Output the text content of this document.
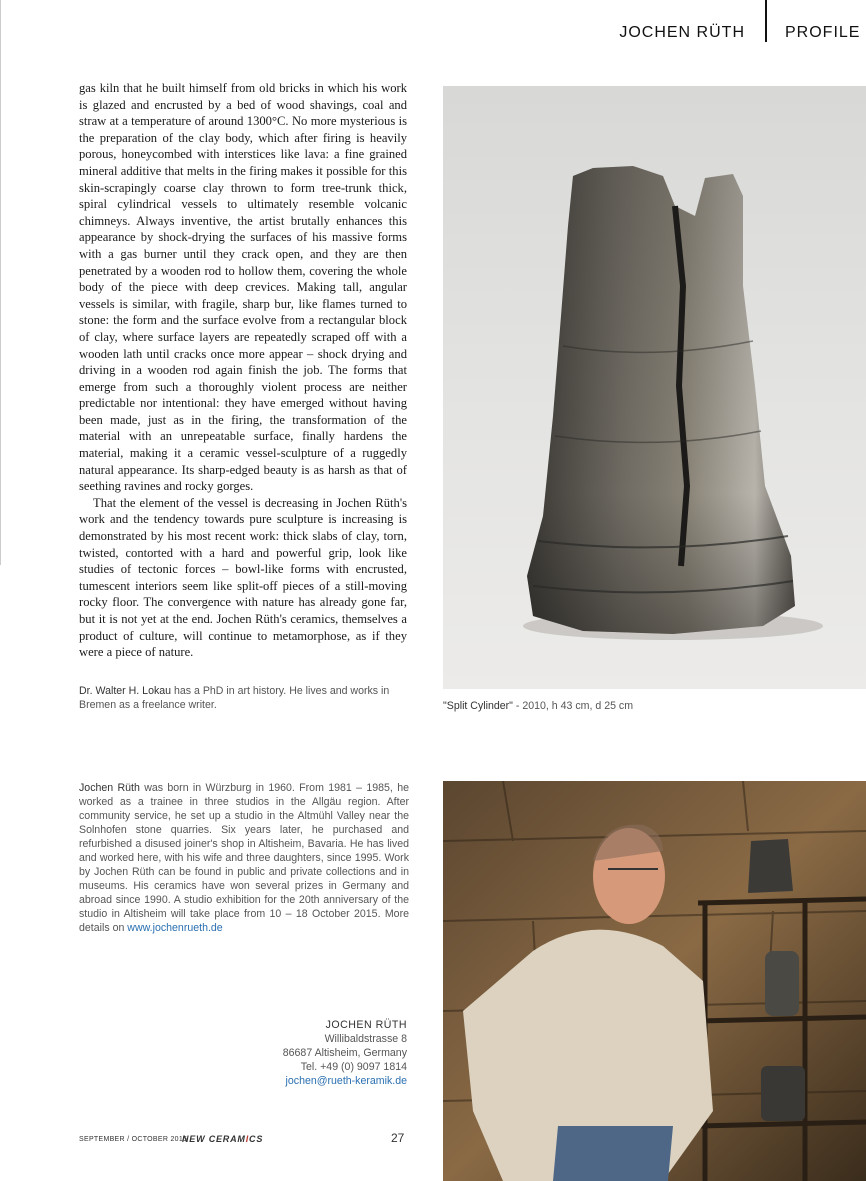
JOCHEN RÜTH	PROFILE

gas kiln that he built himself from old bricks in which his work is glazed and encrusted by a bed of wood shavings, coal and straw at a temperature of around 1300°C. No more mysterious is the preparation of the clay body, which after firing is heavily porous, honeycombed with interstices like lava: a fine grained mineral additive that melts in the firing makes it possible for this skin-scrapingly coarse clay thrown to form tree-trunk thick, spiral cylindrical vessels to ultimately resemble volcanic chimneys. Always inventive, the artist brutally enhances this appearance by shock-drying the surfaces of his massive forms with a gas burner until they crack open, and they are then penetrated by a wooden rod to hollow them, covering the whole body of the piece with deep crevices. Making tall, angular vessels is similar, with fragile, sharp bur, like flames turned to stone: the form and the surface evolve from a rectangular block of clay, where surface layers are repeatedly scraped off with a wooden lath until cracks once more appear – shock drying and driving in a wooden rod again finish the job. The forms that emerge from such a thoroughly violent process are neither predictable nor intentional: they have emerged without having been made, just as in the firing, the transformation of the material with an unrepeatable surface, finally hardens the material, making it a ceramic vessel-sculpture of a ruggedly natural appearance. Its sharp-edged beauty is as harsh as that of seething ravines and rocky gorges.

That the element of the vessel is decreasing in Jochen Rüth's work and the tendency towards pure sculpture is increasing is demonstrated by his most recent work: thick slabs of clay, torn, twisted, contorted with a hard and powerful grip, look like studies of tectonic forces – bowl-like forms with encrusted, tumescent interiors seem like split-off pieces of a still-moving rocky floor. The convergence with nature has already gone far, but it is not yet at the end. Jochen Rüth's ceramics, themselves a product of culture, will continue to metamorphose, as if they were a piece of nature.

Dr. Walter H. Lokau has a PhD in art history. He lives and works in Bremen as a freelance writer.
Jochen Rüth was born in Würzburg in 1960. From 1981 – 1985, he worked as a trainee in three studios in the Allgäu region. After community service, he set up a studio in the Altmühl Valley near the Solnhofen stone quarries. Six years later, he purchased and refurbished a disused joiner's shop in Altisheim, Bavaria. He has lived and worked here, with his wife and three daughters, since 1995. Work by Jochen Rüth can be found in public and private collections and in museums. His ceramics have won several prizes in Germany and abroad since 1990. A studio exhibition for the 20th anniversary of the studio in Altisheim will take place from 10 – 18 October 2015. More details on www.jochenrueth.de
JOCHEN RÜTH
Willibaldstrasse 8
86687 Altisheim, Germany
Tel. +49 (0) 9097 1814
jochen@rueth-keramik.de
SEPTEMBER / OCTOBER 2015
NEW CERAMICS	27
"Split Cylinder" - 2010, h 43 cm, d 25 cm
